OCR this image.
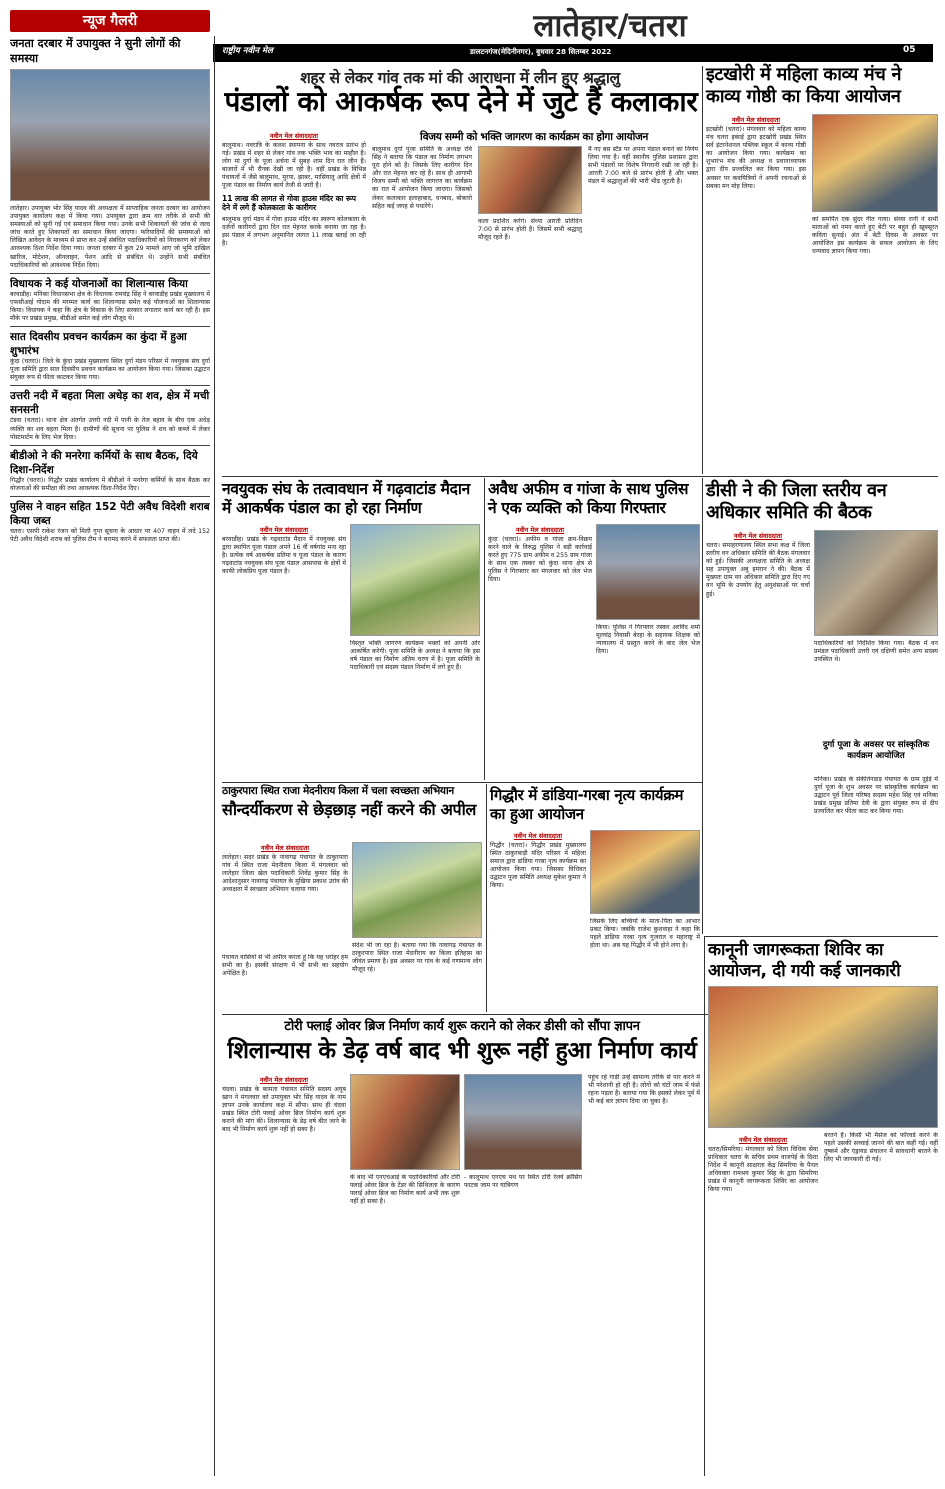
लातेहार/चतरा
राष्ट्रीय नवीन मेल	डालटनगंज(मेदिनीनगर), बुधवार 28 सितम्बर 2022	05
न्यूज गैलरी
जनता दरबार में उपायुक्त ने सुनी लोगों की समस्या
लातेहार। उपायुक्त भोर सिंह यादव की अध्यक्षता में साप्ताहिक जनता दरबार का आयोजन उपायुक्त कार्यालय कक्ष में किया गया। उपायुक्त द्वारा क्रम वार तरीके से सभी की समस्याओं को सुनी गई एवं समाधान किया गया। उनके सभी शिकायतों की जांच से जल्द जांच करते हुए शिकायतों का समाधान किया जाएगा। फरियादियों की समस्याओं को लिखित आवेदन के माध्यम से प्राप्त कर उन्हें संबंधित पदाधिकारियों को निराकरण को लेकर आवश्यक दिशा निर्देश दिया गया। जनता दरबार में कुल 29 मामले आए जो भूमि दाखिल खारिज, मोटेशन, ऑनलाइन, पेंशन आदि से संबंधित थे। उन्होंने सभी संबंधित पदाधिकारियों को आवश्यक निर्देश दिया।
विधायक ने कई योजनाओं का शिलान्यास किया
बरवाडीह। मनिका विधानसभा क्षेत्र के विधायक रामचंद्र सिंह ने बरवाडीह प्रखंड मुख्यालय में एफसीआई गोदाम की मरम्मत कार्य का शिलान्यास समेत कई योजनाओं का शिलान्यास किया। विधायक ने कहा कि क्षेत्र के विकास के लिए सरकार लगातार कार्य कर रही है। इस मौके पर प्रखंड प्रमुख, बीडीओ समेत कई लोग मौजूद थे।
सात दिवसीय प्रवचन कार्यक्रम का कुंदा में हुआ शुभारंभ
कुंदा (चतरा)। जिले के कुंदा प्रखंड मुख्यालय स्थित दुर्गा मंडप परिसर में नवयुवक संघ दुर्गा पूजा समिति द्वारा सात दिवसीय प्रवचन कार्यक्रम का आयोजन किया गया। जिसका उद्घाटन संयुक्त रूप से फीता काटकर किया गया।
उत्तरी नदी में बहता मिला अधेड़ का शव, क्षेत्र में मची सनसनी
टंडवा (चतरा)। थाना क्षेत्र अंतर्गत उत्तरी नदी में पानी के तेज बहाव के बीच एक अधेड़ व्यक्ति का शव बहता मिला है। ग्रामीणों की सूचना पर पुलिस ने शव को कब्जे में लेकर पोस्टमार्टम के लिए भेज दिया।
बीडीओ ने की मनरेगा कर्मियों के साथ बैठक, दिये दिशा-निर्देश
गिद्धौर (चतरा)। गिद्धौर प्रखंड कार्यालय में बीडीओ ने मनरेगा कर्मियों के साथ बैठक कर योजनाओं की समीक्षा की तथा आवश्यक दिशा-निर्देश दिए।
पुलिस ने वाहन सहित 152 पेटी अवैध विदेशी शराब किया जब्त
चतरा। एसपी राकेश रंजन को मिली गुप्त सूचना के आधार पर 407 वाहन में लदे 152 पेटी अवैध विदेशी शराब को पुलिस टीम ने बरामद करने में सफलता प्राप्त की।
शहर से लेकर गांव तक मां की आराधना में लीन हुए श्रद्धालु
पंडालों को आकर्षक रूप देने में जुटे हैं कलाकार
नवीन मेल संवाददाता
बालूमाथ। नवरात्रि के कलश स्थापना के साथ नवरात्र प्रारंभ हो गई। प्रखंड में शहर से लेकर गांव तक भक्ति भाव का माहौल है। लोग मां दुर्गा के पूजा अर्चना में सुबह शाम दिन रात लीन हैं। बाजारों में भी रौनक देखी जा रही है। वहीं प्रखंड के विभिन्न पंचायतों में जैसे बालूमाथ, मुरपा, झाबर, मासियातू आदि क्षेत्रों में पूजा पंडाल का निर्माण कार्य तेजी से जारी है।
11 लाख की लागत से गोवा हाउस मंदिर का रूप देने में लगे हैं कोलकाता के कारीगर
बालूमाथ दुर्गा मंडप में गोवा हाउस मंदिर का स्वरूप कोलकाता के दर्जनों कारीगरों द्वारा दिन रात मेहनत करके बनाया जा रहा है। इस पंडाल में लगभग अनुमानित लागत 11 लाख बताई जा रही है।
विजय सम्मी को भक्ति जागरण का कार्यक्रम का होगा आयोजन
बालूमाथ दुर्गा पूजा समिति के अध्यक्ष रवि सिंह ने बताया कि पंडाल का निर्माण लगभग पूरा होने को है। जिसके लिए कारीगर दिन और रात मेहनत कर रहे हैं। साथ ही आगामी विजय सम्मी को भक्ति जागरण का कार्यक्रम का रात में आयोजन किया जाएगा। जिसको लेकर कलाकार इलाहाबाद, धनबाद, बोकारो सहित कई जगह से पधारेंगे।
कला प्रदर्शित करेंगे। संध्या आरती प्रतिदिन 7:00 से प्रारंभ होती है। जिसमें सभी श्रद्धालु मौजूद रहते हैं।
मैं नए बस स्टैंड पर अपना पंडाल बनाने का निर्णय लिया गया है। वहीं स्थानीय पुलिस प्रशासन द्वारा सभी पंडालों पर विशेष निगरानी रखी जा रही है। आरती 7:00 बजे से प्रारंभ होती है और भक्त मंडल में श्रद्धालुओं की भारी भीड़ जुटती है।
इटखोरी में महिला काव्य मंच ने काव्य गोष्ठी का किया आयोजन
नवीन मेल संवाददाता
इटखोरी (चतरा)। मंगलवार को महिला काव्य मंच चतरा इकाई द्वारा इटखोरी प्रखंड स्थित सर्व इंटरनेशनल पब्लिक स्कूल में काव्य गोष्ठी का आयोजन किया गया। कार्यक्रम का शुभारंभ मंच की अध्यक्ष व प्रधानाध्यापक द्वारा दीप प्रज्वलित कर किया गया। इस अवसर पर कवयित्रियों ने अपनी रचनाओं से सबका मन मोह लिया।
को समर्पित एक सुंदर गीत गाया। संध्या रानी ने सभी माताओं को नमन करते हुए बेटी पर बहुत ही खूबसूरत कविता सुनाई। अंत में बेटी दिवस के अवसर पर आयोजित इस कार्यक्रम के सफल आयोजन के लिए धन्यवाद ज्ञापन किया गया।
नवयुवक संघ के तत्वावधान में गढ़वाटांड मैदान में आकर्षक पंडाल का हो रहा निर्माण
नवीन मेल संवाददाता
बरवाडीह। प्रखंड के गढ़वाटांड मैदान में नवयुवक संघ द्वारा स्थापित पूजा पंडाल अपने 16 वीं वर्षगांठ मना रहा है। प्रत्येक वर्ष आकर्षक प्रतिमा व पूजा पंडाल के कारण गढ़वाटांड नवयुवक संघ पूजा पंडाल आसपास के क्षेत्रों में काफी लोकप्रिय पूजा पंडाल है।
विस्तृत भक्ति जागरण कार्यक्रम भक्तों को अपनी ओर आकर्षित करेगी। पूजा समिति के अध्यक्ष ने बताया कि इस वर्ष पंडाल का निर्माण अंतिम चरण में है। पूजा समिति के पदाधिकारी एवं सदस्य पंडाल निर्माण में लगे हुए हैं।
अवैध अफीम व गांजा के साथ पुलिस ने एक व्यक्ति को किया गिरफ्तार
नवीन मेल संवाददाता
कुंदा (चतरा)। अफीम व गांजा क्रय-विक्रय करने वाले के विरुद्ध पुलिस ने बड़ी कार्रवाई करते हुए 775 ग्राम अफीम व 255 ग्राम गांजा के साथ एक तस्कर को कुंदा थाना क्षेत्र से पुलिस ने गिरफ्तार कर मंगलवार को जेल भेज दिया।
किया। पुलिस ने गिरफ्तार तस्कर अरविंद शर्मा मूलचंद्र निवासी बेरहा के सहायक शिक्षक को न्यायालय में प्रस्तुत करने के बाद जेल भेज दिया।
डीसी ने की जिला स्तरीय वन अधिकार समिति की बैठक
नवीन मेल संवाददाता
चतरा। समाहरणालय स्थित सभा कक्ष में जिला स्तरीय वन अधिकार समिति की बैठक मंगलवार को हुई। जिसकी अध्यक्षता समिति के अध्यक्ष सह उपायुक्त अबु इमरान ने की। बैठक में मुख्यतः ग्राम वन अधिकार समिति द्वारा दिए गए वन भूमि के उपयोग हेतु अनुशंसाओं पर चर्चा हुई।
पदाधिकारियों को निर्देशित किया गया। बैठक में वन प्रमंडल पदाधिकारी उत्तरी एवं दक्षिणी समेत अन्य सदस्य उपस्थित थे।
दुर्गा पूजा के अवसर पर सांस्कृतिक कार्यक्रम आयोजित
मनिका। प्रखंड के संकीर्तनडाड़ पंचायत के ग्राम दुईई में दुर्गा पूजा के शुभ अवसर पर सांस्कृतिक कार्यक्रम का उद्घाटन पूर्व जिला परिषद सदस्य महेश सिंह एवं मनिका प्रखंड प्रमुख प्रतिमा देवी के द्वारा संयुक्त रूप से दीप प्रज्वलित कर फीता काट कर किया गया।
ठाकुरपारा स्थित राजा मेदनीराय किला में चला स्वच्छता अभियान
सौन्दर्यीकरण से छेड़छाड़ नहीं करने की अपील
नवीन मेल संवाददाता
लातेहार। सदर प्रखंड के नावागढ़ पंचायत के ठाकुरपारा गांव में स्थित राजा मेदनीराय किला में मंगलवार को लातेहार जिला खेल पदाधिकारी शिवेंद्र कुमार सिंह के आदेशानुसार नावागढ़ पंचायत के मुखिया प्रकाश उरांव की अध्यक्षता में स्वच्छता अभियान चलाया गया।
पंचायत वासियों से भी अपील करता हूं कि यह धरोहर हम सभी का है। इसकी संरक्षण में भी सभी का सहयोग अपेक्षित है।
संदेश भी जा रहा है। बताया गया कि नावागढ़ पंचायत के ठाकुरपारा स्थित राजा मेदनीराय का किला इतिहास का जीवंत प्रमाण है। इस अवसर पर गांव के कई गणमान्य लोग मौजूद रहे।
गिद्धौर में डांडिया-गरबा नृत्य कार्यक्रम का हुआ आयोजन
नवीन मेल संवाददाता
गिद्धौर (चतरा)। गिद्धौर प्रखंड मुख्यालय स्थित ठाकुरबाड़ी मंदिर परिसर में महिला समाज द्वारा डांडिया गरबा नृत्य कार्यक्रम का आयोजन किया गया। जिसका विधिवत उद्घाटन पूजा समिति अध्यक्ष मुकेश कुमार ने किया।
जिसके लिए बच्चियों के माता-पिता का आभार प्रकट किया। जबकि राजेश कुशवाहा ने कहा कि पहले डांडिया गरबा नृत्य गुजरात व महाराष्ट्र में होता था। अब यह गिद्धौर में भी होने लगा है।
टोरी फ्लाई ओवर ब्रिज निर्माण कार्य शुरू कराने को लेकर डीसी को सौंपा ज्ञापन
शिलान्यास के डेढ़ वर्ष बाद भी शुरू नहीं हुआ निर्माण कार्य
नवीन मेल संवाददाता
चंदवा। प्रखंड के कामता पंचायत समिति सदस्य अयूब खान ने मंगलवार को उपायुक्त भोर सिंह यादव के नाम ज्ञापन उनके कार्यालय कक्ष में सौंपा। साथ ही चंदवा प्रखंड स्थित टोरी फ्लाई ओवर ब्रिज निर्माण कार्य शुरू कराने की मांग की। शिलान्यास के डेढ़ वर्ष बीत जाने के बाद भी निर्माण कार्य शुरू नहीं हो सका है।
के बाद भी एनएचआई के पदाधिकारियों और टोरी फ्लाई ओवर ब्रिज के टेंडर की सिथिलता के कारण फ्लाई ओवर ब्रिज का निर्माण कार्य अभी तक शुरू नहीं हो सका है।
- कालूमाथ एनएच पथ पर स्थित टोरी रेलवे क्रॉसिंग फाटक जाम पर यात्रिगण
पहुंच रहे गाड़ी उन्हें सामान्य तरीके से पार करने में भी परेशानी हो रही है। लोगों को घंटों जाम में फंसे रहना पड़ता है। बताया गया कि इसको लेकर पूर्व में भी कई बार ज्ञापन दिया जा चुका है।
कानूनी जागरूकता शिविर का आयोजन, दी गयी कई जानकारी
नवीन मेल संवाददाता
चतरा/सिमरिया। मंगलवार को जिला विधिक सेवा प्राधिकार चतरा के सचिव प्रथम वाजपेई के दिशा निर्देश में कानूनी साक्षरता केंद्र सिमरिया के पैनल अधिवक्ता रामश्रय कुमार सिंह के द्वारा सिमरिया प्रखंड में कानूनी जागरूकता शिविर का आयोजन किया गया।
बरतने हैं। किसी भी मैसेज को फॉरवर्ड करने के पहले उसकी सच्चाई जानने की बात कहीं गई। वहीं दुष्कर्म और एंड्रायड संचालन में सावधानी बरतने के लिए भी जानकारी दी गई।
